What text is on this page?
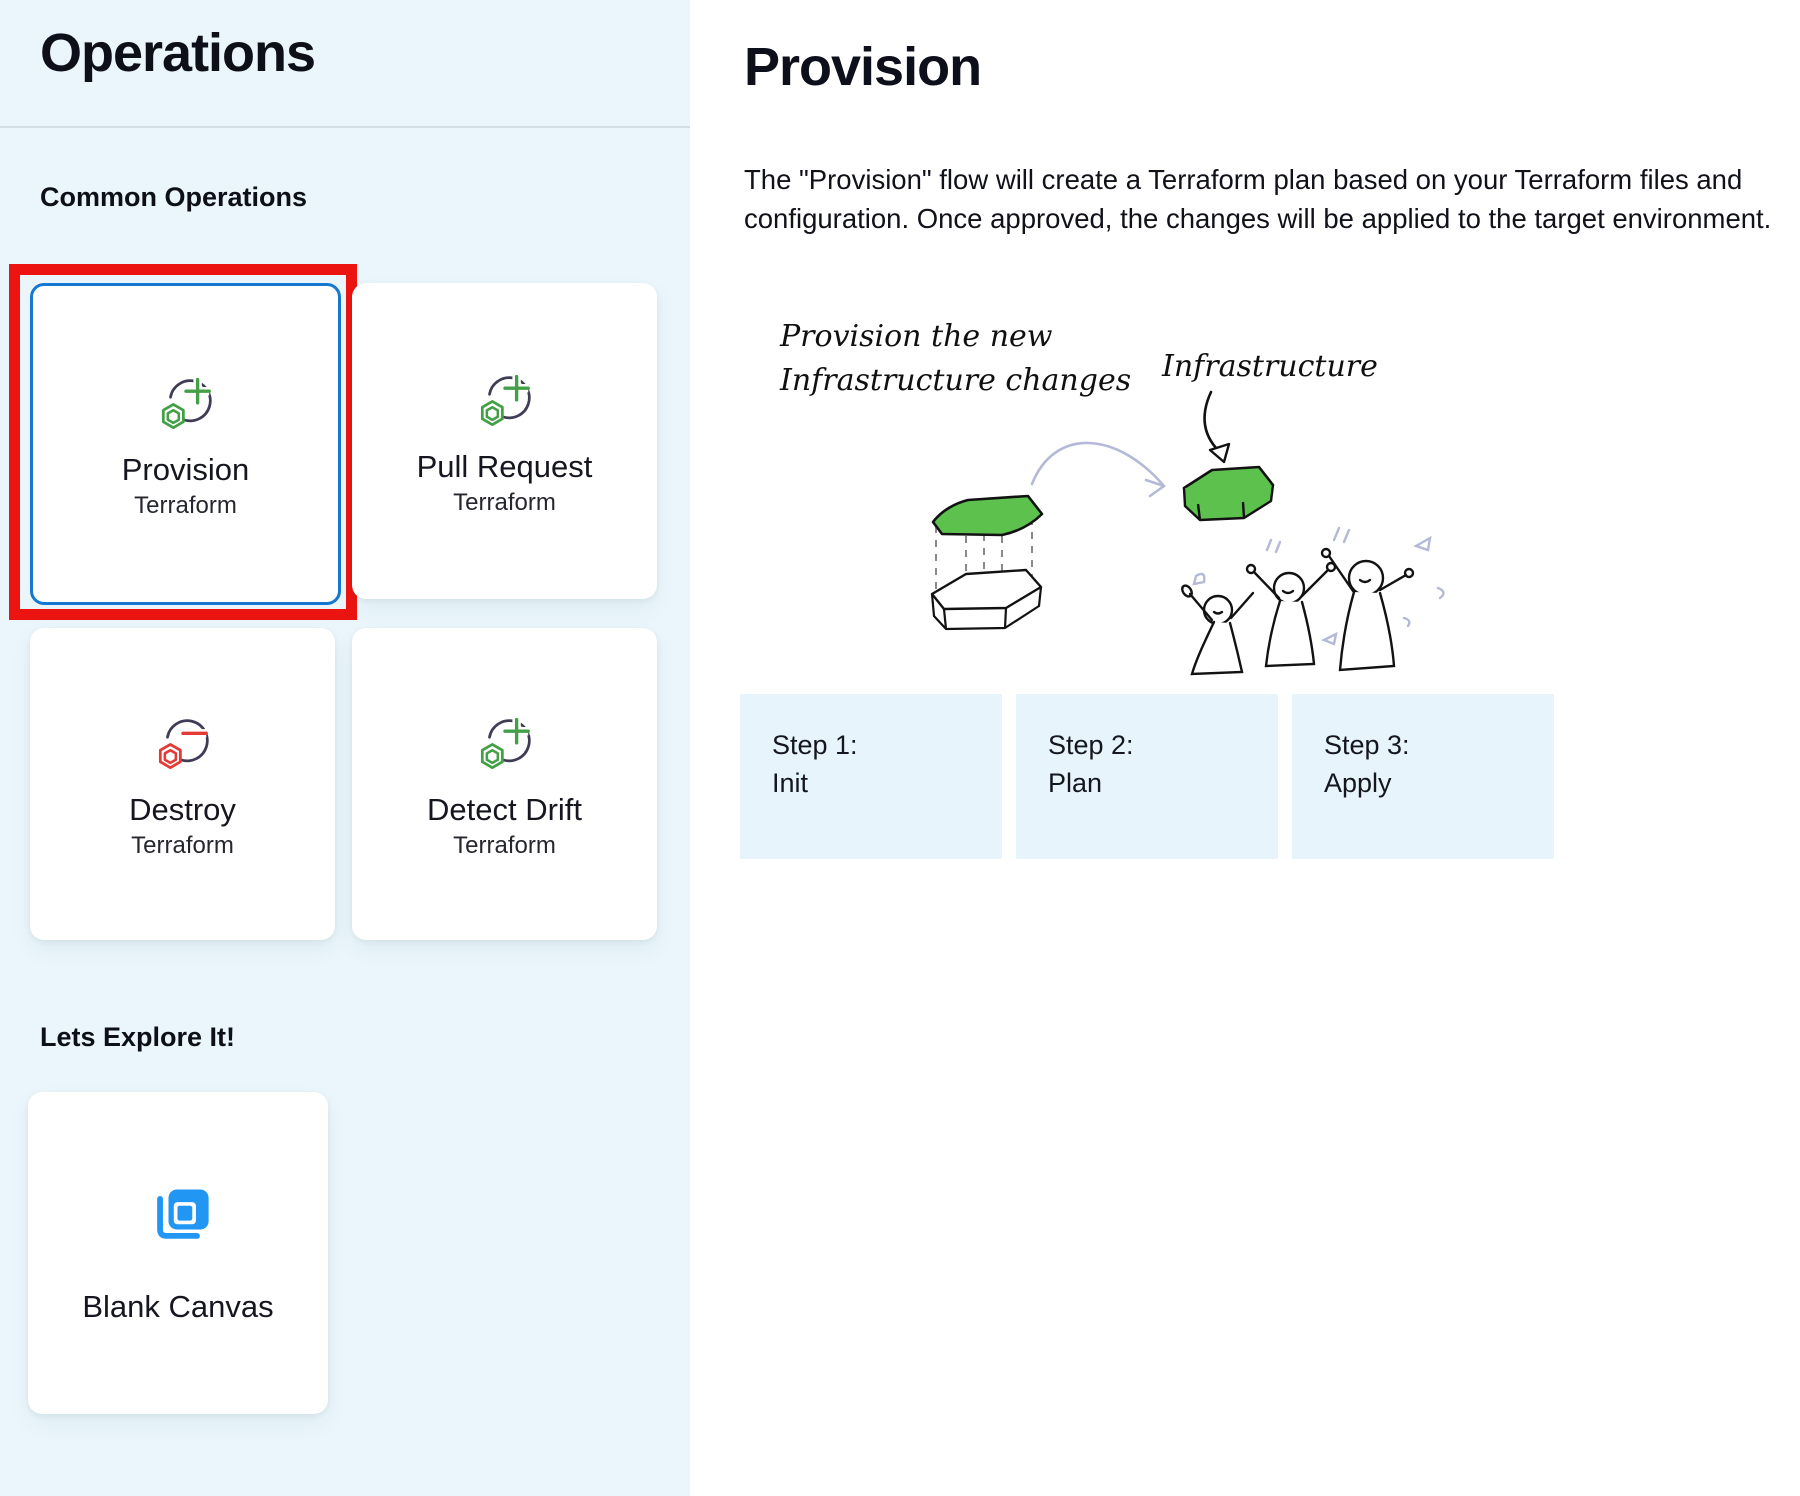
Operations
Common Operations
Provision
Terraform
Pull Request
Terraform
Destroy
Terraform
Detect Drift
Terraform
Lets Explore It!
Blank Canvas
Provision
The "Provision" flow will create a Terraform plan based on your Terraform files and configuration. Once approved, the changes will be applied to the target environment.
Provision the new
Infrastructure changes Infrastructure
Step 1:
Init
Step 2:
Plan
Step 3:
Apply
